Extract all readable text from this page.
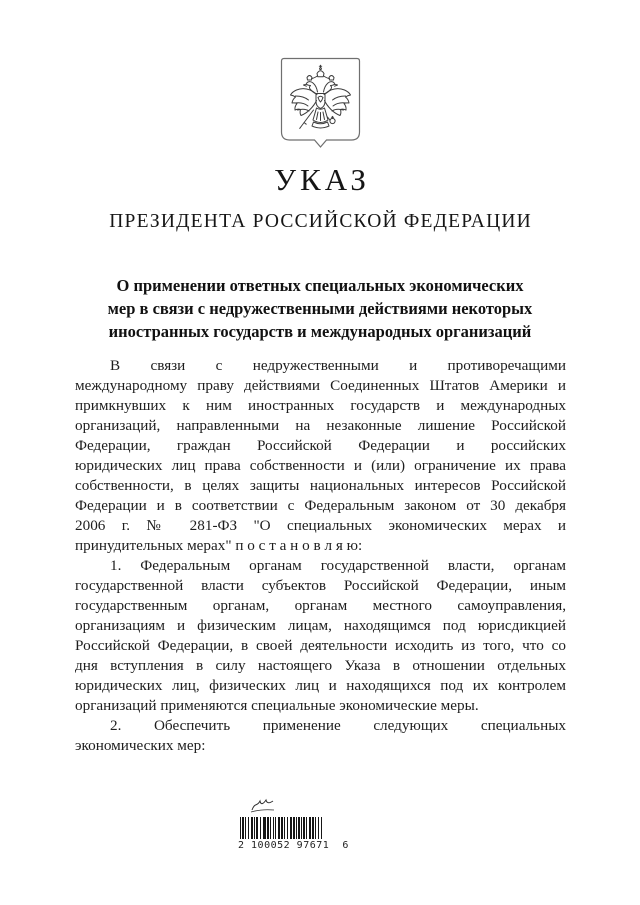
УКАЗ
ПРЕЗИДЕНТА РОССИЙСКОЙ ФЕДЕРАЦИИ
О применении ответных специальных экономических
мер в связи с недружественными действиями некоторых
иностранных государств и международных организаций
В связи с недружественными и противоречащими
международному праву действиями Соединенных Штатов Америки и
примкнувших к ним иностранных государств и международных
организаций, направленными на незаконные лишение Российской
Федерации, граждан Российской Федерации и российских
юридических лиц права собственности и (или) ограничение их права
собственности, в целях защиты национальных интересов Российской
Федерации и в соответствии с Федеральным законом от 30 декабря
2006 г. № 281-ФЗ "О специальных экономических мерах и
принудительных мерах" п о с т а н о в л я ю:
1. Федеральным органам государственной власти, органам
государственной власти субъектов Российской Федерации, иным
государственным органам, органам местного самоуправления,
организациям и физическим лицам, находящимся под юрисдикцией
Российской Федерации, в своей деятельности исходить из того, что со
дня вступления в силу настоящего Указа в отношении отдельных
юридических лиц, физических лиц и находящихся под их контролем
организаций применяются специальные экономические меры.
2. Обеспечить применение следующих специальных
экономических мер:
2 100052 97671  6
